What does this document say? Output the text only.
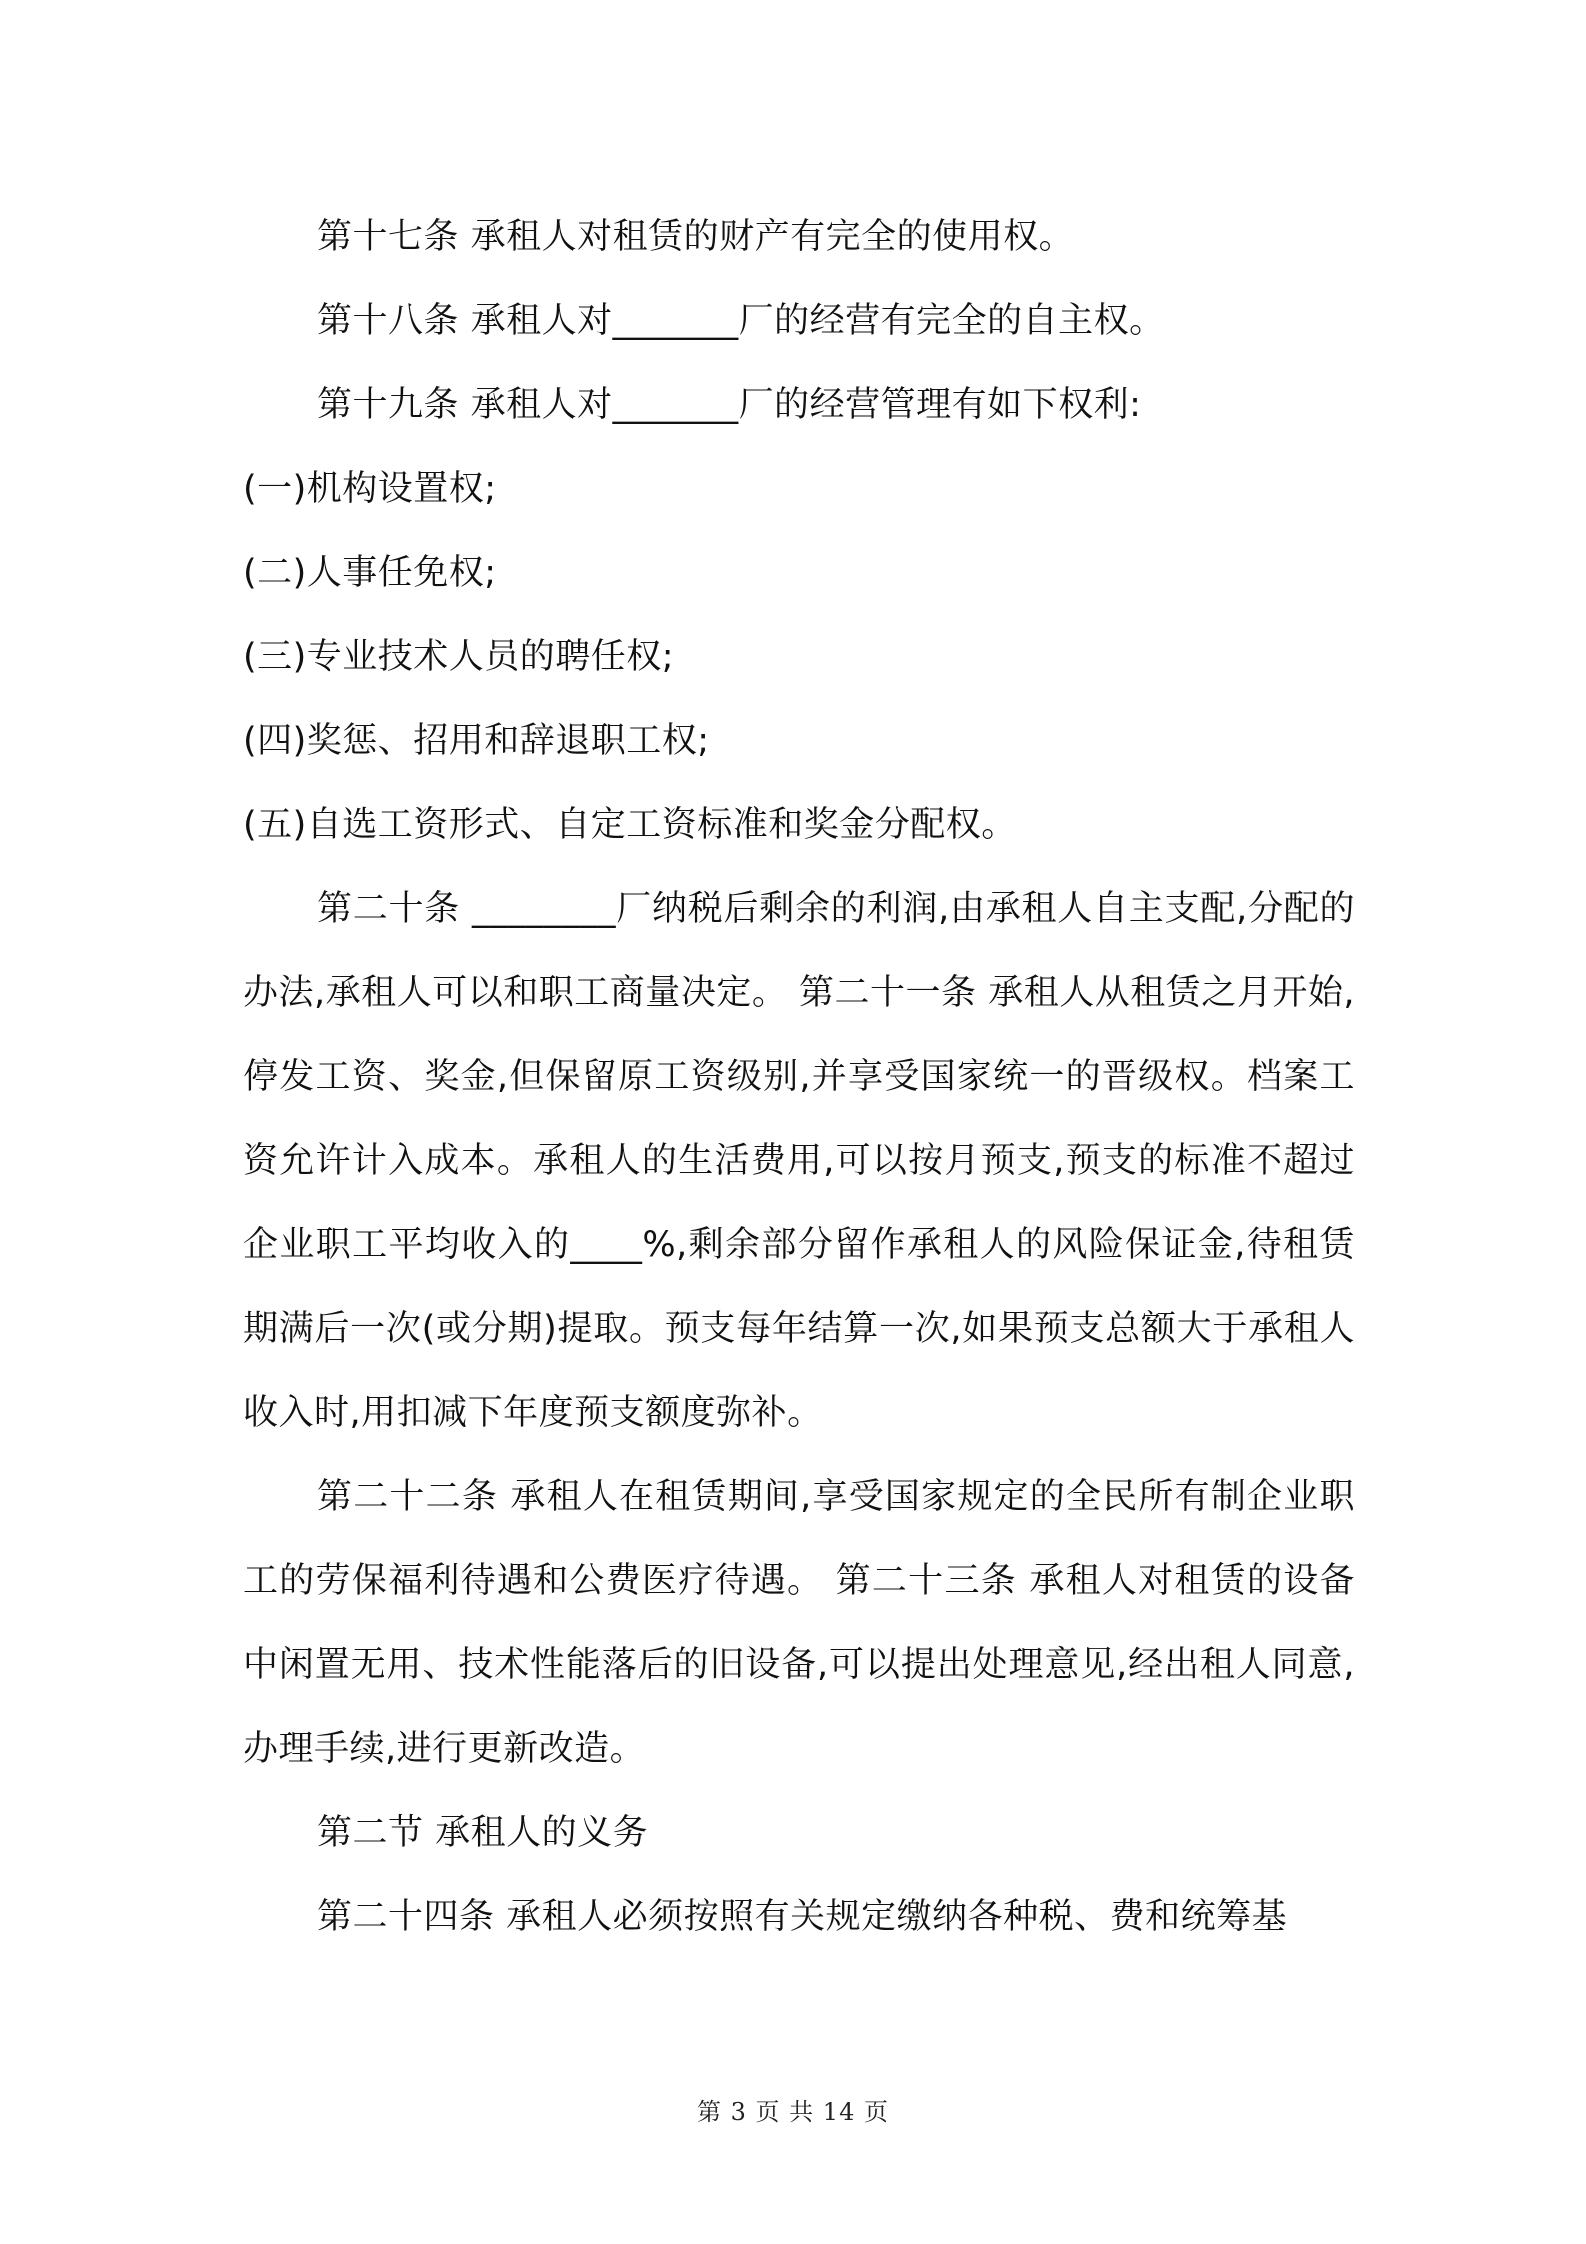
第十七条 承租人对租赁的财产有完全的使用权。

第十八条 承租人对_______厂的经营有完全的自主权。

第十九条 承租人对_______厂的经营管理有如下权利:

(一)机构设置权;

(二)人事任免权;

(三)专业技术人员的聘任权;

(四)奖惩、招用和辞退职工权;

(五)自选工资形式、自定工资标准和奖金分配权。

第二十条 ________厂纳税后剩余的利润,由承租人自主支配,分配的办法,承租人可以和职工商量决定。 第二十一条 承租人从租赁之月开始,停发工资、奖金,但保留原工资级别,并享受国家统一的晋级权。档案工资允许计入成本。承租人的生活费用,可以按月预支,预支的标准不超过企业职工平均收入的____%,剩余部分留作承租人的风险保证金,待租赁期满后一次(或分期)提取。预支每年结算一次,如果预支总额大于承租人收入时,用扣减下年度预支额度弥补。

第二十二条 承租人在租赁期间,享受国家规定的全民所有制企业职工的劳保福利待遇和公费医疗待遇。 第二十三条 承租人对租赁的设备中闲置无用、技术性能落后的旧设备,可以提出处理意见,经出租人同意,办理手续,进行更新改造。

第二节 承租人的义务

第二十四条 承租人必须按照有关规定缴纳各种税、费和统筹基

第 3 页 共 14 页
